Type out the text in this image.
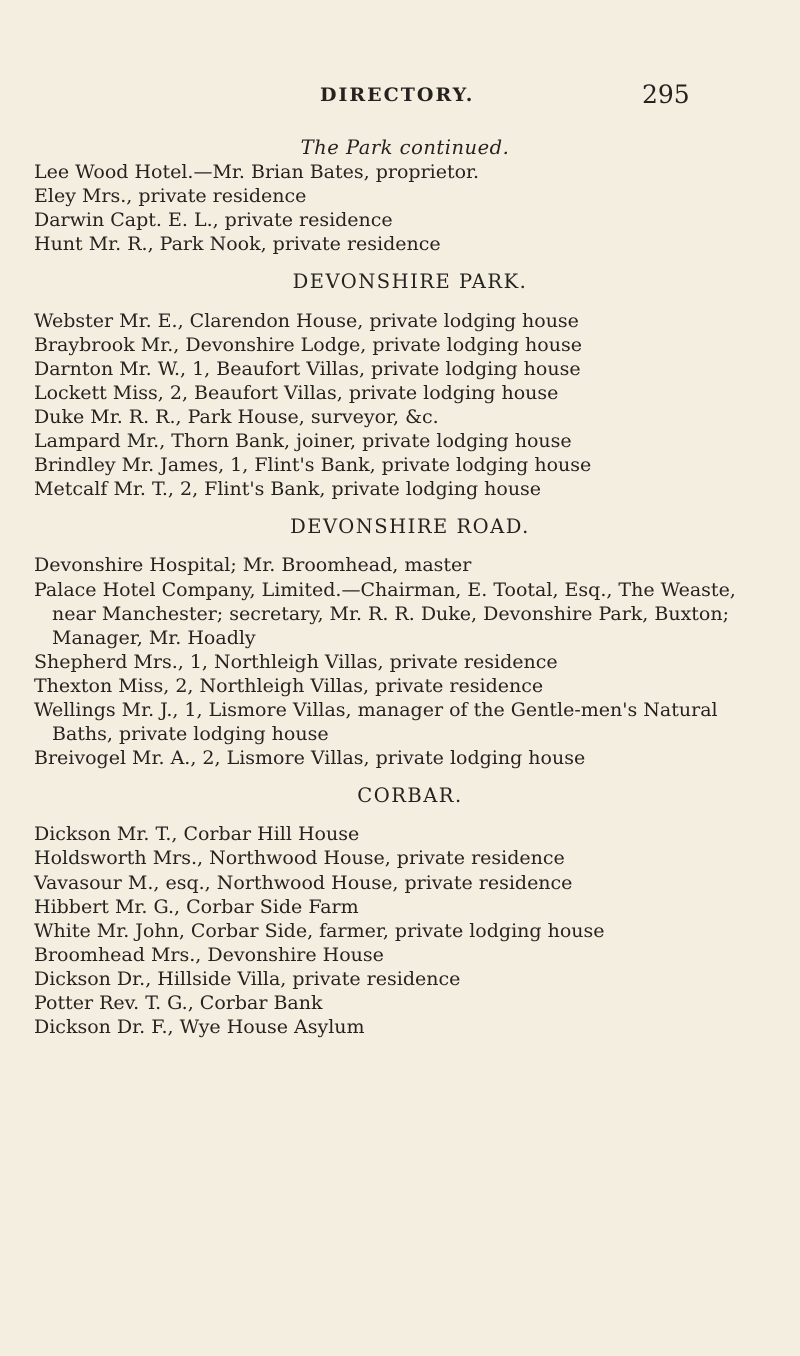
DIRECTORY.	295
The Park continued.
Lee Wood Hotel.—Mr. Brian Bates, proprietor.
Eley Mrs., private residence
Darwin Capt. E. L., private residence
Hunt Mr. R., Park Nook, private residence
DEVONSHIRE PARK.
Webster Mr. E., Clarendon House, private lodging house
Braybrook Mr., Devonshire Lodge, private lodging house
Darnton Mr. W., 1, Beaufort Villas, private lodging house
Lockett Miss, 2, Beaufort Villas, private lodging house
Duke Mr. R. R., Park House, surveyor, &c.
Lampard Mr., Thorn Bank, joiner, private lodging house
Brindley Mr. James, 1, Flint's Bank, private lodging house
Metcalf Mr. T., 2, Flint's Bank, private lodging house
DEVONSHIRE ROAD.
Devonshire Hospital; Mr. Broomhead, master
Palace Hotel Company, Limited.—Chairman, E. Tootal, Esq., The Weaste, near Manchester; secretary, Mr. R. R. Duke, Devonshire Park, Buxton; Manager, Mr. Hoadly
Shepherd Mrs., 1, Northleigh Villas, private residence
Thexton Miss, 2, Northleigh Villas, private residence
Wellings Mr. J., 1, Lismore Villas, manager of the Gentle-men's Natural Baths, private lodging house
Breivogel Mr. A., 2, Lismore Villas, private lodging house
CORBAR.
Dickson Mr. T., Corbar Hill House
Holdsworth Mrs., Northwood House, private residence
Vavasour M., esq., Northwood House, private residence
Hibbert Mr. G., Corbar Side Farm
White Mr. John, Corbar Side, farmer, private lodging house
Broomhead Mrs., Devonshire House
Dickson Dr., Hillside Villa, private residence
Potter Rev. T. G., Corbar Bank
Dickson Dr. F., Wye House Asylum
